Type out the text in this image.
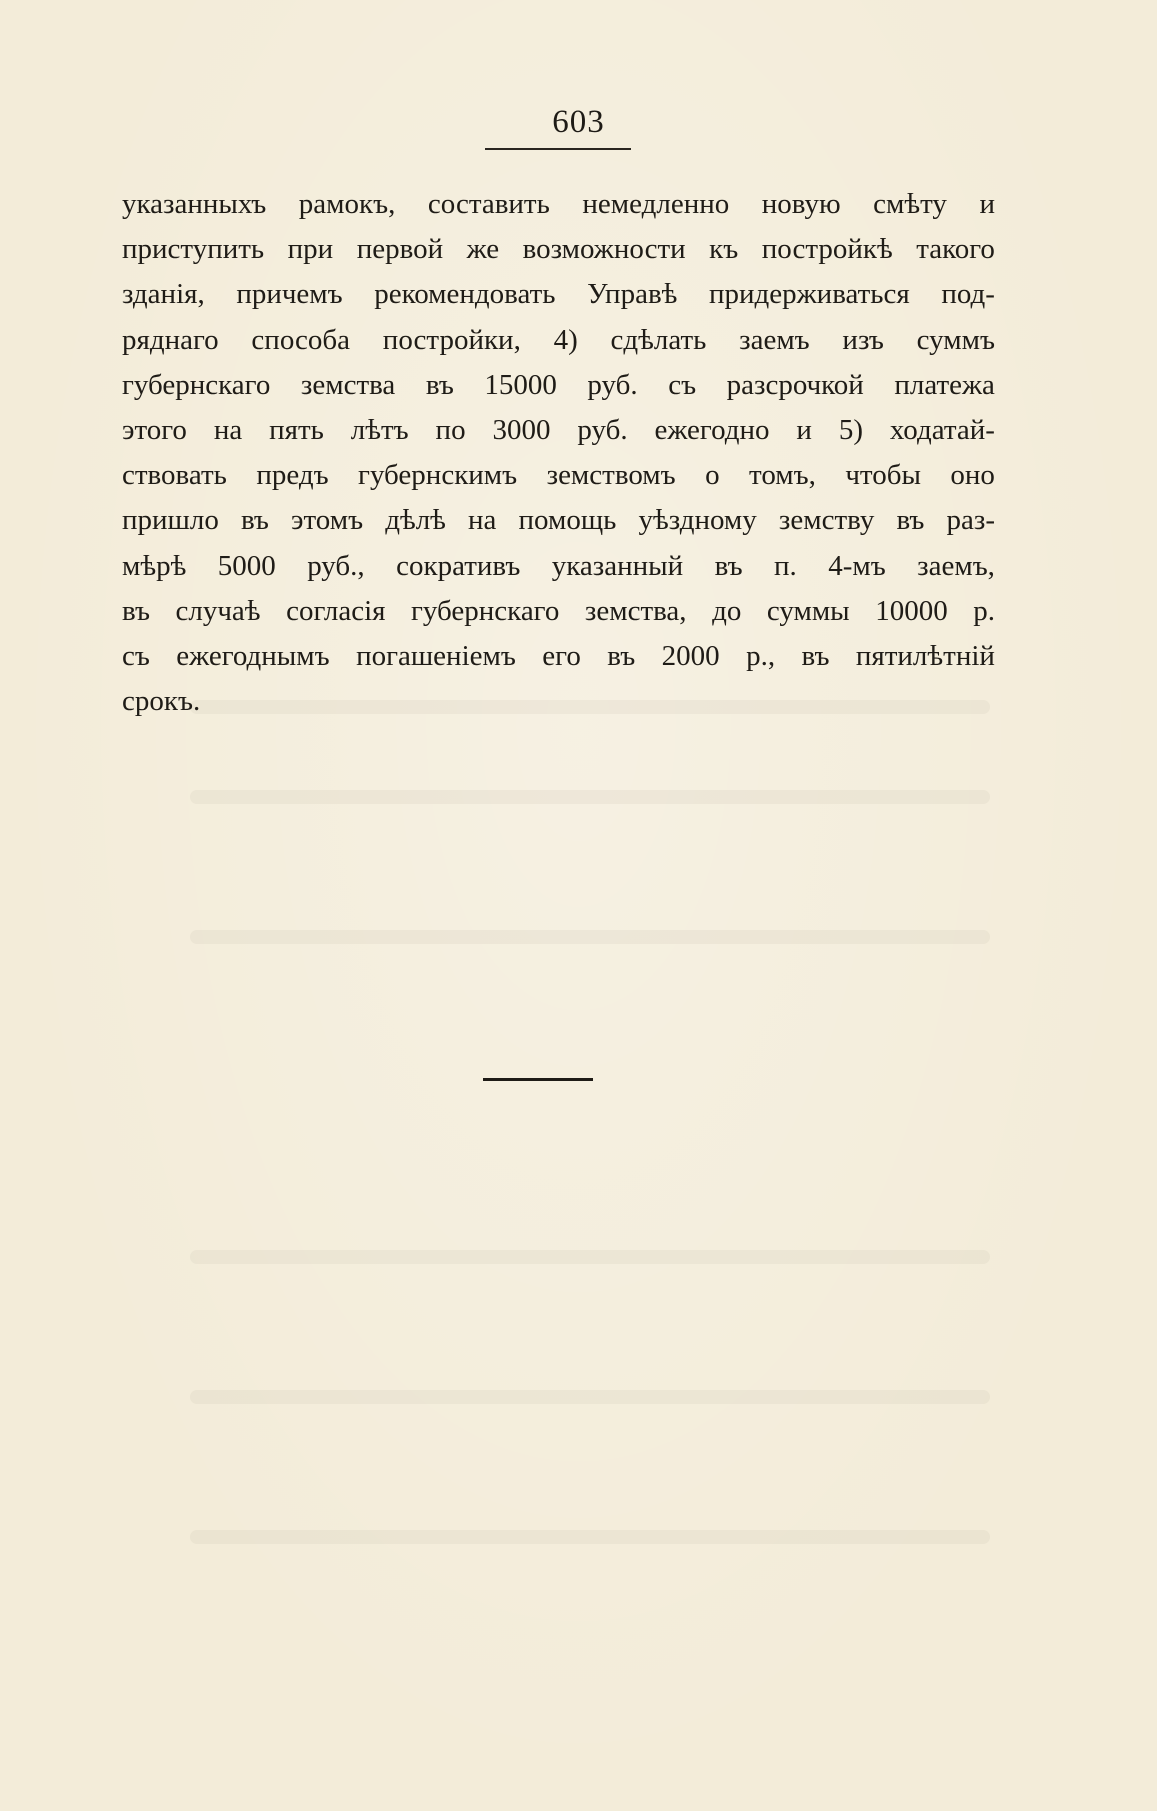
603
указанныхъ рамокъ, составить немедленно новую смѣту и
приступить при первой же возможности къ постройкѣ такого
зданія, причемъ рекомендовать Управѣ придерживаться под-
ряднаго способа постройки, 4) сдѣлать заемъ изъ суммъ
губернскаго земства въ 15000 руб. съ разсрочкой платежа
этого на пять лѣтъ по 3000 руб. ежегодно и 5) ходатай-
ствовать предъ губернскимъ земствомъ о томъ, чтобы оно
пришло въ этомъ дѣлѣ на помощь уѣздному земству въ раз-
мѣрѣ 5000 руб., сокративъ указанный въ п. 4-мъ заемъ,
въ случаѣ согласія губернскаго земства, до суммы 10000 р.
съ ежегоднымъ погашеніемъ его въ 2000 р., въ пятилѣтній
срокъ.
